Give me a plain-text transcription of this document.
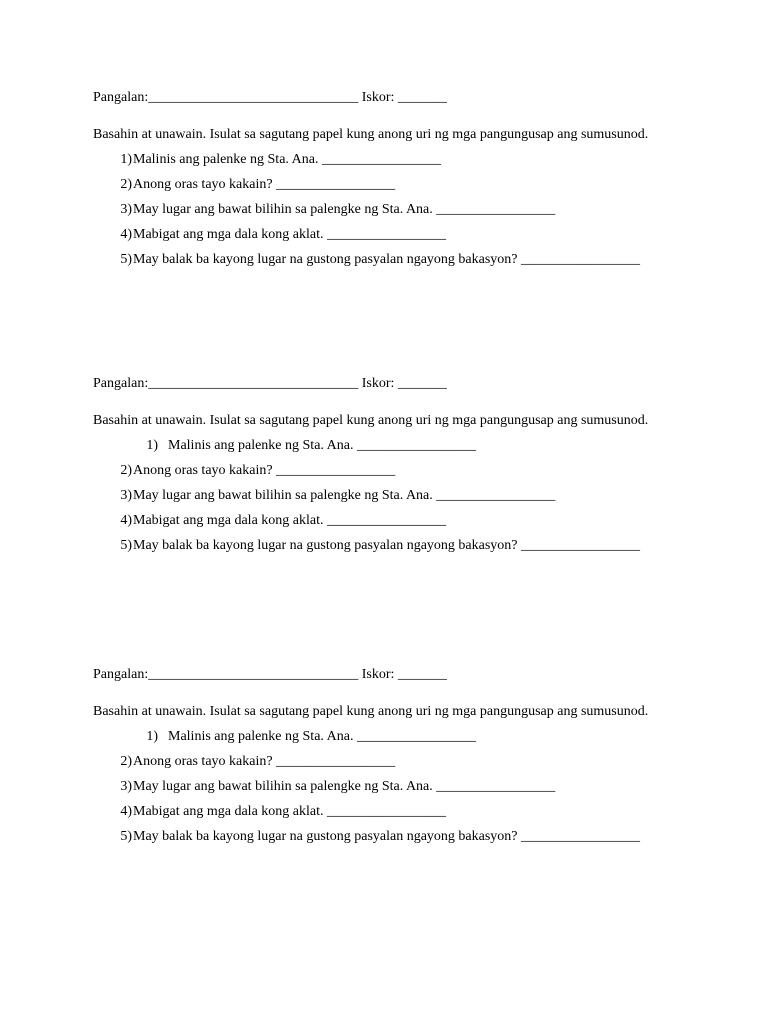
Pangalan:______________________________ Iskor: _______
Basahin at unawain. Isulat sa sagutang papel kung anong uri ng mga pangungusap ang sumusunod.
1) Malinis ang palenke ng Sta. Ana. _________________
2) Anong oras tayo kakain? _________________
3) May lugar ang bawat bilihin sa palengke ng Sta. Ana. _________________
4) Mabigat ang mga dala kong aklat. _________________
5) May balak ba kayong lugar na gustong pasyalan ngayong bakasyon? _________________
Pangalan:______________________________ Iskor: _______
Basahin at unawain. Isulat sa sagutang papel kung anong uri ng mga pangungusap ang sumusunod.
1) Malinis ang palenke ng Sta. Ana. _________________
2) Anong oras tayo kakain? _________________
3) May lugar ang bawat bilihin sa palengke ng Sta. Ana. _________________
4) Mabigat ang mga dala kong aklat. _________________
5) May balak ba kayong lugar na gustong pasyalan ngayong bakasyon? _________________
Pangalan:______________________________ Iskor: _______
Basahin at unawain. Isulat sa sagutang papel kung anong uri ng mga pangungusap ang sumusunod.
1) Malinis ang palenke ng Sta. Ana. _________________
2) Anong oras tayo kakain? _________________
3) May lugar ang bawat bilihin sa palengke ng Sta. Ana. _________________
4) Mabigat ang mga dala kong aklat. _________________
5) May balak ba kayong lugar na gustong pasyalan ngayong bakasyon? _________________
